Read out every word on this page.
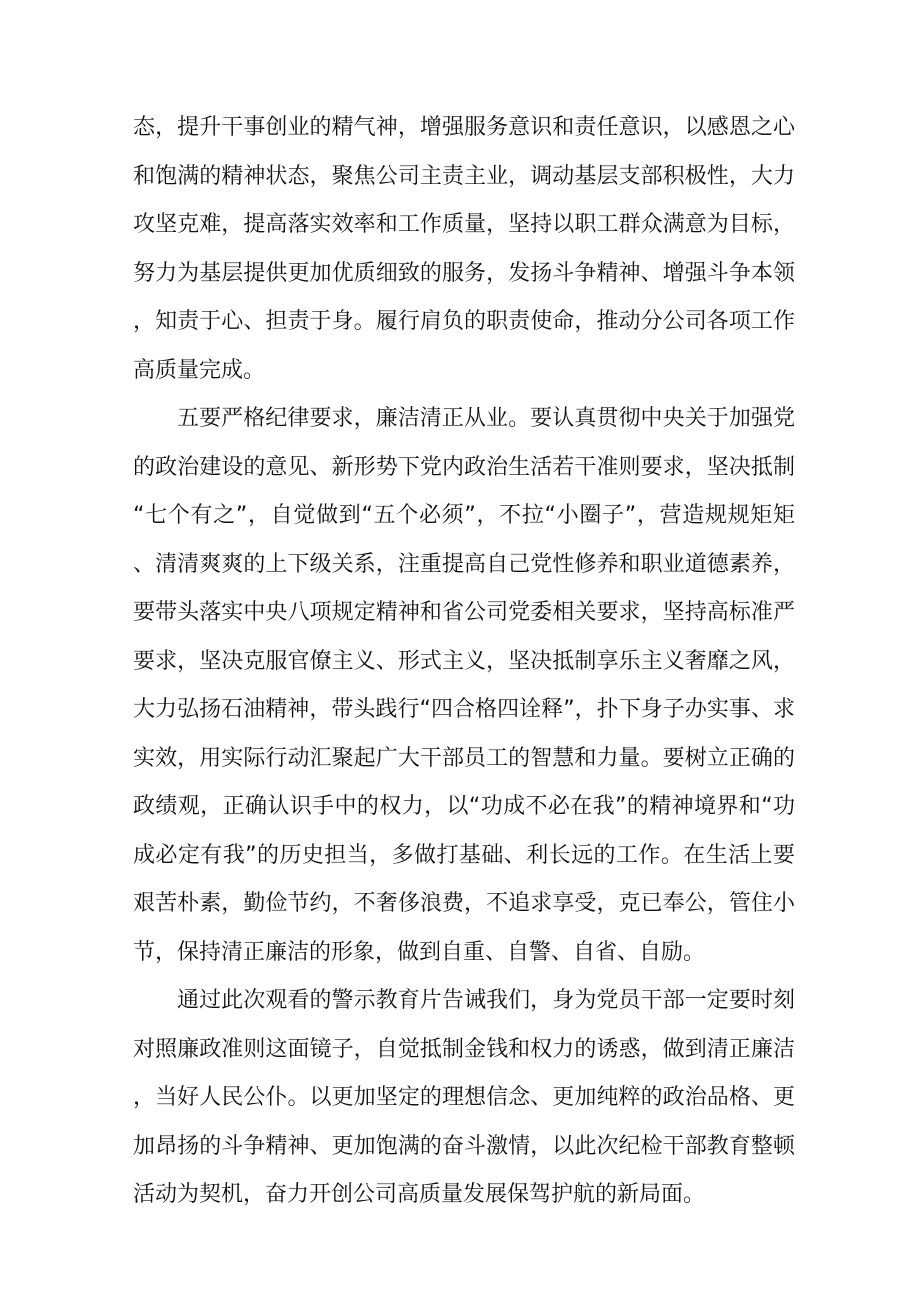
态，提升干事创业的精气神，增强服务意识和责任意识，以感恩之心和饱满的精神状态，聚焦公司主责主业，调动基层支部积极性，大力攻坚克难，提高落实效率和工作质量，坚持以职工群众满意为目标，努力为基层提供更加优质细致的服务，发扬斗争精神、增强斗争本领，知责于心、担责于身。履行肩负的职责使命，推动分公司各项工作高质量完成。

五要严格纪律要求，廉洁清正从业。要认真贯彻中央关于加强党的政治建设的意见、新形势下党内政治生活若干准则要求，坚决抵制“七个有之”，自觉做到“五个必须”，不拉“小圈子”，营造规规矩矩、清清爽爽的上下级关系，注重提高自己党性修养和职业道德素养，要带头落实中央八项规定精神和省公司党委相关要求，坚持高标准严要求，坚决克服官僚主义、形式主义，坚决抵制享乐主义奢靡之风，大力弘扬石油精神，带头践行“四合格四诠释”，扑下身子办实事、求实效，用实际行动汇聚起广大干部员工的智慧和力量。要树立正确的政绩观，正确认识手中的权力，以“功成不必在我”的精神境界和“功成必定有我”的历史担当，多做打基础、利长远的工作。在生活上要艰苦朴素，勤俭节约，不奢侈浪费，不追求享受，克已奉公，管住小节，保持清正廉洁的形象，做到自重、自警、自省、自励。

通过此次观看的警示教育片告诫我们，身为党员干部一定要时刻对照廉政准则这面镜子，自觉抵制金钱和权力的诱惑，做到清正廉洁，当好人民公仆。以更加坚定的理想信念、更加纯粹的政治品格、更加昂扬的斗争精神、更加饱满的奋斗激情，以此次纪检干部教育整顿活动为契机，奋力开创公司高质量发展保驾护航的新局面。
